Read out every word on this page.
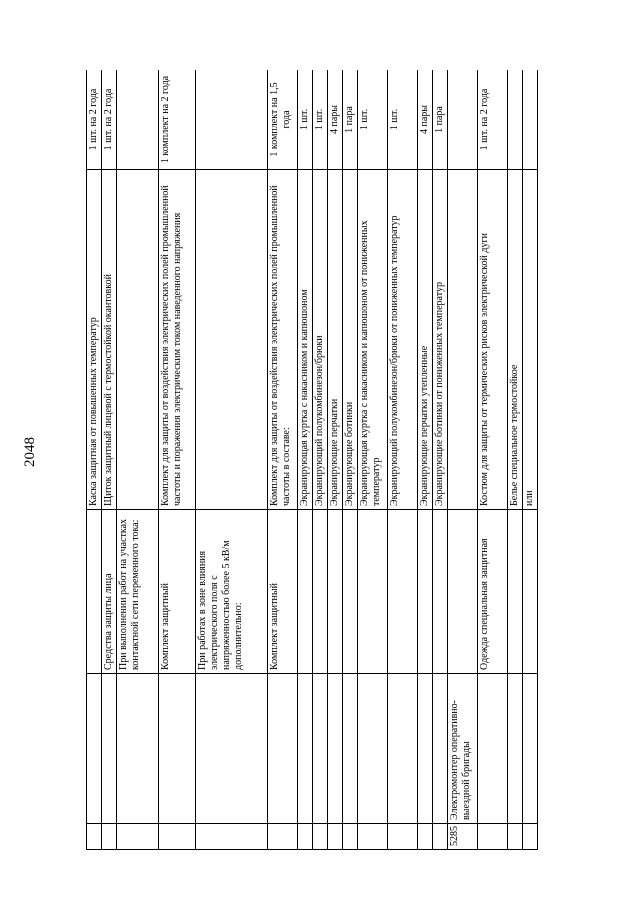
2048
				Каска защитная от повышенных температур	1 шт. на 2 года
		Средства защиты лица	Щиток защитный лицевой с термостойкой окантовкой	1 шт. на 2 года
		При выполнении работ на участках контактной сети переменного тока:		
		Комплект защитный	Комплект для защиты от воздействия электрических полей промышленной частоты и поражения электрическим током наведенного напряжения	1 комплект на 2 года
		При работах в зоне влияния электрического поля с напряженностью более 5 кВ/м дополнительно:		
		Комплект защитный	Комплект для защиты от воздействия электрических полей промышленной частоты в составе:	1 комплект на 1,5 года
			Экранирующая куртка с накасником и капюшоном	1 шт.
			Экранирующий полукомбинезон/брюки	1 шт.
			Экранирующие перчатки	4 пары
			Экранирующие ботинки	1 пара
			Экранирующая куртка с накасником и капюшоном от пониженных температур	1 шт.
			Экранирующий полукомбинезон/брюки от пониженных температур	1 шт.
			Экранирующие перчатки утепленные	4 пары
			Экранирующие ботинки от пониженных температур	1 пара
5285	Электромонтер оперативно-выездной бригады			
		Одежда специальная защитная	Костюм для защиты от термических рисков электрической дуги	1 шт. на 2 года
			Белье специальное термостойкое	
			или	
